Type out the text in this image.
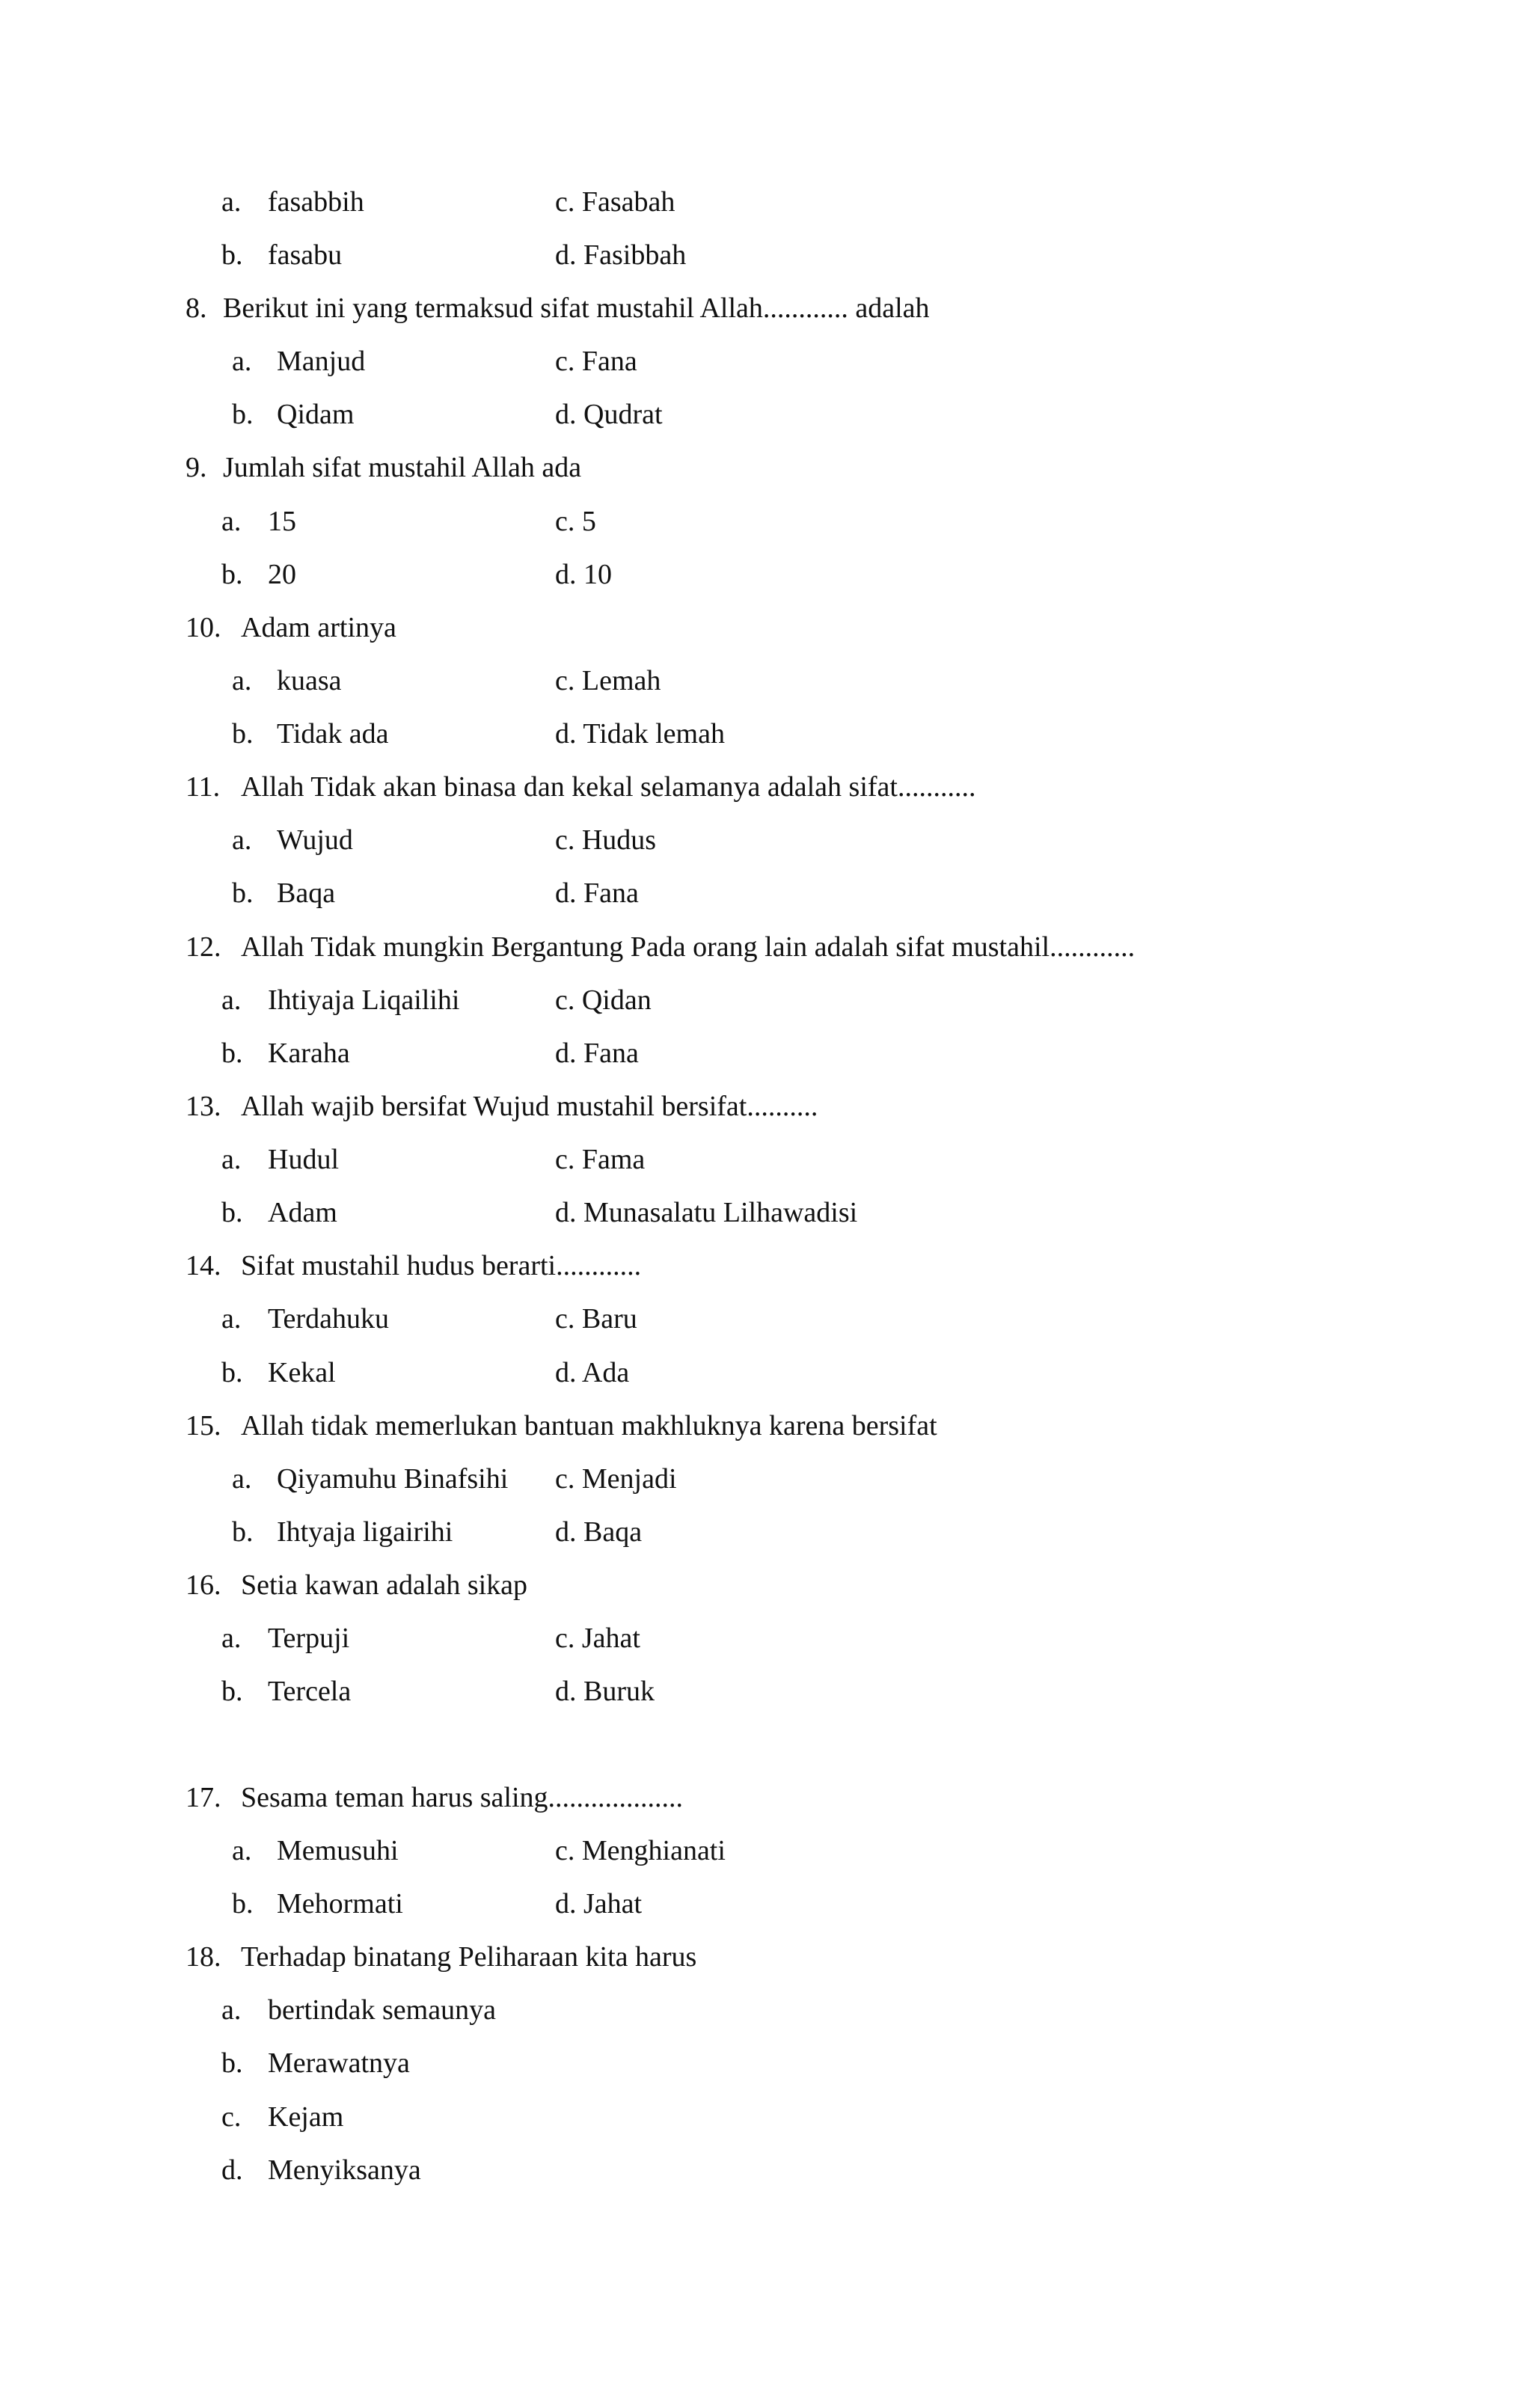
a. fasabbih	c. Fasabah
b. fasabu	d. Fasibbah
8. Berikut ini yang termaksud sifat mustahil Allah............ adalah
a. Manjud	c. Fana
b. Qidam	d. Qudrat
9. Jumlah sifat mustahil Allah ada
a. 15	c. 5
b. 20	d. 10
10. Adam artinya
a. kuasa	c. Lemah
b. Tidak ada	d. Tidak lemah
11. Allah Tidak akan binasa dan kekal selamanya adalah sifat...........
a. Wujud	c. Hudus
b. Baqa	d. Fana
12. Allah Tidak mungkin Bergantung Pada orang lain adalah sifat mustahil............
a. Ihtiyaja Liqailihi	c. Qidan
b. Karaha	d. Fana
13. Allah wajib bersifat Wujud mustahil bersifat..........
a. Hudul	c. Fama
b. Adam	d. Munasalatu Lilhawadisi
14. Sifat mustahil hudus berarti............
a. Terdahuku	c. Baru
b. Kekal	d. Ada
15. Allah tidak memerlukan bantuan makhluknya karena bersifat
a. Qiyamuhu Binafsihi c. Menjadi
b. Ihtyaja ligairihi	d. Baqa
16. Setia kawan adalah sikap
a. Terpuji	c. Jahat
b. Tercela	d. Buruk
17. Sesama teman harus saling...................
a. Memusuhi	c. Menghianati
b. Mehormati	d. Jahat
18. Terhadap binatang Peliharaan kita harus
a. bertindak semaunya
b. Merawatnya
c. Kejam
d. Menyiksanya
